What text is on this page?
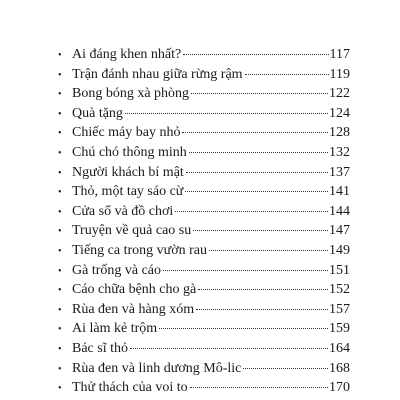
• Ai đáng khen nhất?	117
• Trận đánh nhau giữa rừng rậm	119
• Bong bóng xà phòng	122
• Quà tặng	124
• Chiếc máy bay nhỏ	128
• Chú chó thông minh	132
• Người khách bí mật	137
• Thỏ, một tay sáo cừ	141
• Cửa sổ và đồ chơi	144
• Truyện về quả cao su	147
• Tiếng ca trong vườn rau	149
• Gà trống và cáo	151
• Cáo chữa bệnh cho gà	152
• Rùa đen và hàng xóm	157
• Ai làm kẻ trộm	159
• Bác sĩ thỏ	164
• Rùa đen và linh dương Mô-lic	168
• Thử thách của voi to	170
